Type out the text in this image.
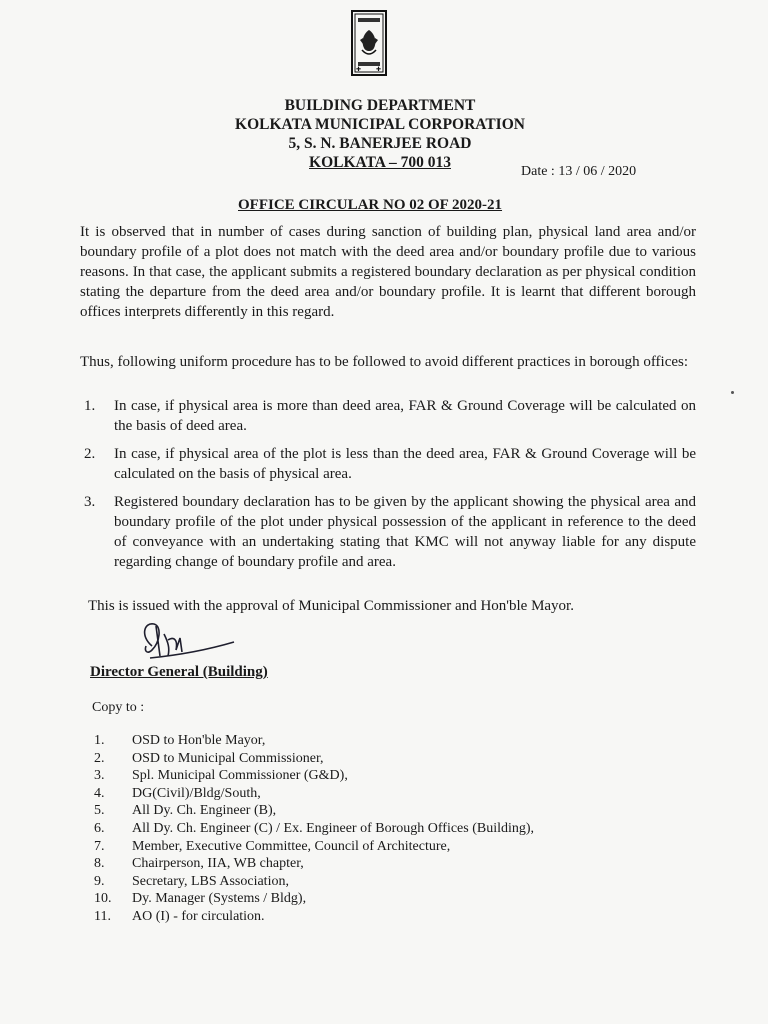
✚ ✚
BUILDING DEPARTMENT
KOLKATA MUNICIPAL CORPORATION
5, S. N. BANERJEE ROAD
KOLKATA – 700 013
Date : 13 / 06 / 2020
OFFICE CIRCULAR NO 02 OF 2020-21

It is observed that in number of cases during sanction of building plan, physical land area and/or boundary profile of a plot does not match with the deed area and/or boundary profile due to various reasons. In that case, the applicant submits a registered boundary declaration as per physical condition stating the departure from the deed area and/or boundary profile. It is learnt that different borough offices interprets differently in this regard.

Thus, following uniform procedure has to be followed to avoid different practices in borough offices:

1. In case, if physical area is more than deed area, FAR & Ground Coverage will be calculated on the basis of deed area.
2. In case, if physical area of the plot is less than the deed area, FAR & Ground Coverage will be calculated on the basis of physical area.
3. Registered boundary declaration has to be given by the applicant showing the physical area and boundary profile of the plot under physical possession of the applicant in reference to the deed of conveyance with an undertaking stating that KMC will not anyway liable for any dispute regarding change of boundary profile and area.
This is issued with the approval of Municipal Commissioner and Hon'ble Mayor.
Director General (Building)
Copy to :
1. OSD to Hon'ble Mayor,
2. OSD to Municipal Commissioner,
3. Spl. Municipal Commissioner (G&D),
4. DG(Civil)/Bldg/South,
5. All Dy. Ch. Engineer (B),
6. All Dy. Ch. Engineer (C) / Ex. Engineer of Borough Offices (Building),
7. Member, Executive Committee, Council of Architecture,
8. Chairperson, IIA, WB chapter,
9. Secretary, LBS Association,
10. Dy. Manager (Systems / Bldg),
11. AO (I) - for circulation.
